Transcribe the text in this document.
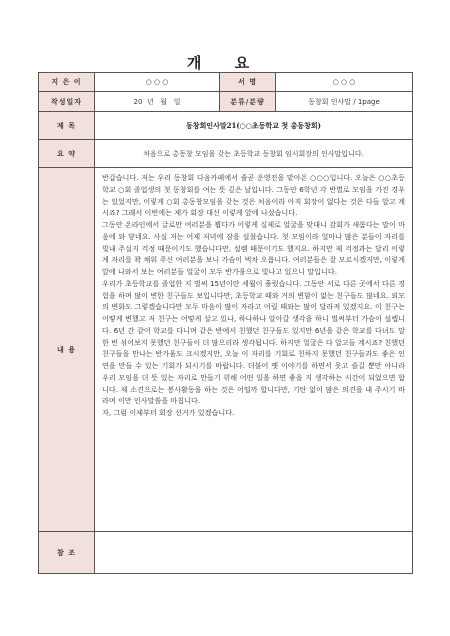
개 요
지 은 이	○ ○ ○	서 명	○ ○ ○
작성일자	20  년   월   일	분류/분량	동창회 인사말 / 1page
제 목	동창회인사말21(○○초등학교 첫 총동창회)		
요 약	처음으로 총동창 모임을 갖는 초등학교 동창회 임시회장의 인사말입니다.		
내 용	반갑습니다. 저는 우리 동창회 다음카페에서 줄곧 운영진을 맡아온 ○○○입니다. 오늘은 ○○초등학교 ○회 졸업생의 첫 동창회를 여는 뜻 깊은 날입니다. 그동안 6학년 각 반별로 모임을 가진 경우는 있었지만, 이렇게 ○회 총동창모임을 갖는 것은 처음이라 아직 회장이 없다는 것은 다들 알고 계시죠? 그래서 이번에는 제가 회장 대신 이렇게 앞에 나섰습니다.

그동안 온라인에서 글로만 여러분을 뵙다가 이렇게 실제로 얼굴을 맞대니 감회가 새롭다는 말이 마음에 와 닿네요. 사실 저는 어제 저녁에 잠을 설쳤습니다. 첫 모임이라 얼마나 많은 분들이 자리를 빛내 주실지 걱정 때문이기도 했습니다만, 설렘 때문이기도 했지요. 하지만 제 걱정과는 달리 이렇게 자리를 꽉 채워 주신 여러분을 보니 가슴이 벅차 오릅니다. 여러분들은 잘 모르시겠지만, 이렇게 앞에 나와서 보는 여러분들 얼굴이 모두 반가움으로 빛나고 있으니 말입니다.

우리가 초등학교를 졸업한 지 벌써 15년이란 세월이 흘렀습니다. 그동안 서로 다른 곳에서 다른 경험을 하며 많이 변한 친구들도 보입니다만, 초등학교 때와 거의 변함이 없는 친구들도 많네요. 외모의 변화도 그렇겠습니다만 모두 마음이 많이 자라고 어릴 때와는 많이 달라져 있겠지요. 이 친구는 어떻게 변했고 저 친구는 어떻게 살고 있나, 하나하나 알아갈 생각을 하니 벌써부터 가슴이 설렙니다. 6년 간 같이 학교를 다니며 같은 반에서 친했던 친구들도 있지만 6년을 같은 학교를 다녀도 말 한 번 섞어보지 못했던 친구들이 더 많으리라 생각됩니다. 하지만 얼굴은 다 알고들 계시죠? 친했던 친구들을 만나는 반가움도 크시겠지만, 오늘 이 자리를 기회로 친하지 못했던 친구들과도 좋은 인연을 만들 수 있는 기회가 되시기를 바랍니다. 더불어 옛 이야기를 하면서 웃고 즐길 뿐만 아니라 우리 모임을 더 뜻 있는 자리로 만들기 위해 어떤 일을 하면 좋을 지 생각하는 시간이 되었으면 합니다. 제 소견으로는 봉사활동을 하는 것은 어떨까 합니다만, 기탄 없이 많은 의견을 내 주시기 바라며 이만 인사말씀을 마칩니다.

자, 그럼 이제부터 회장 선거가 있겠습니다.		

참 조			
